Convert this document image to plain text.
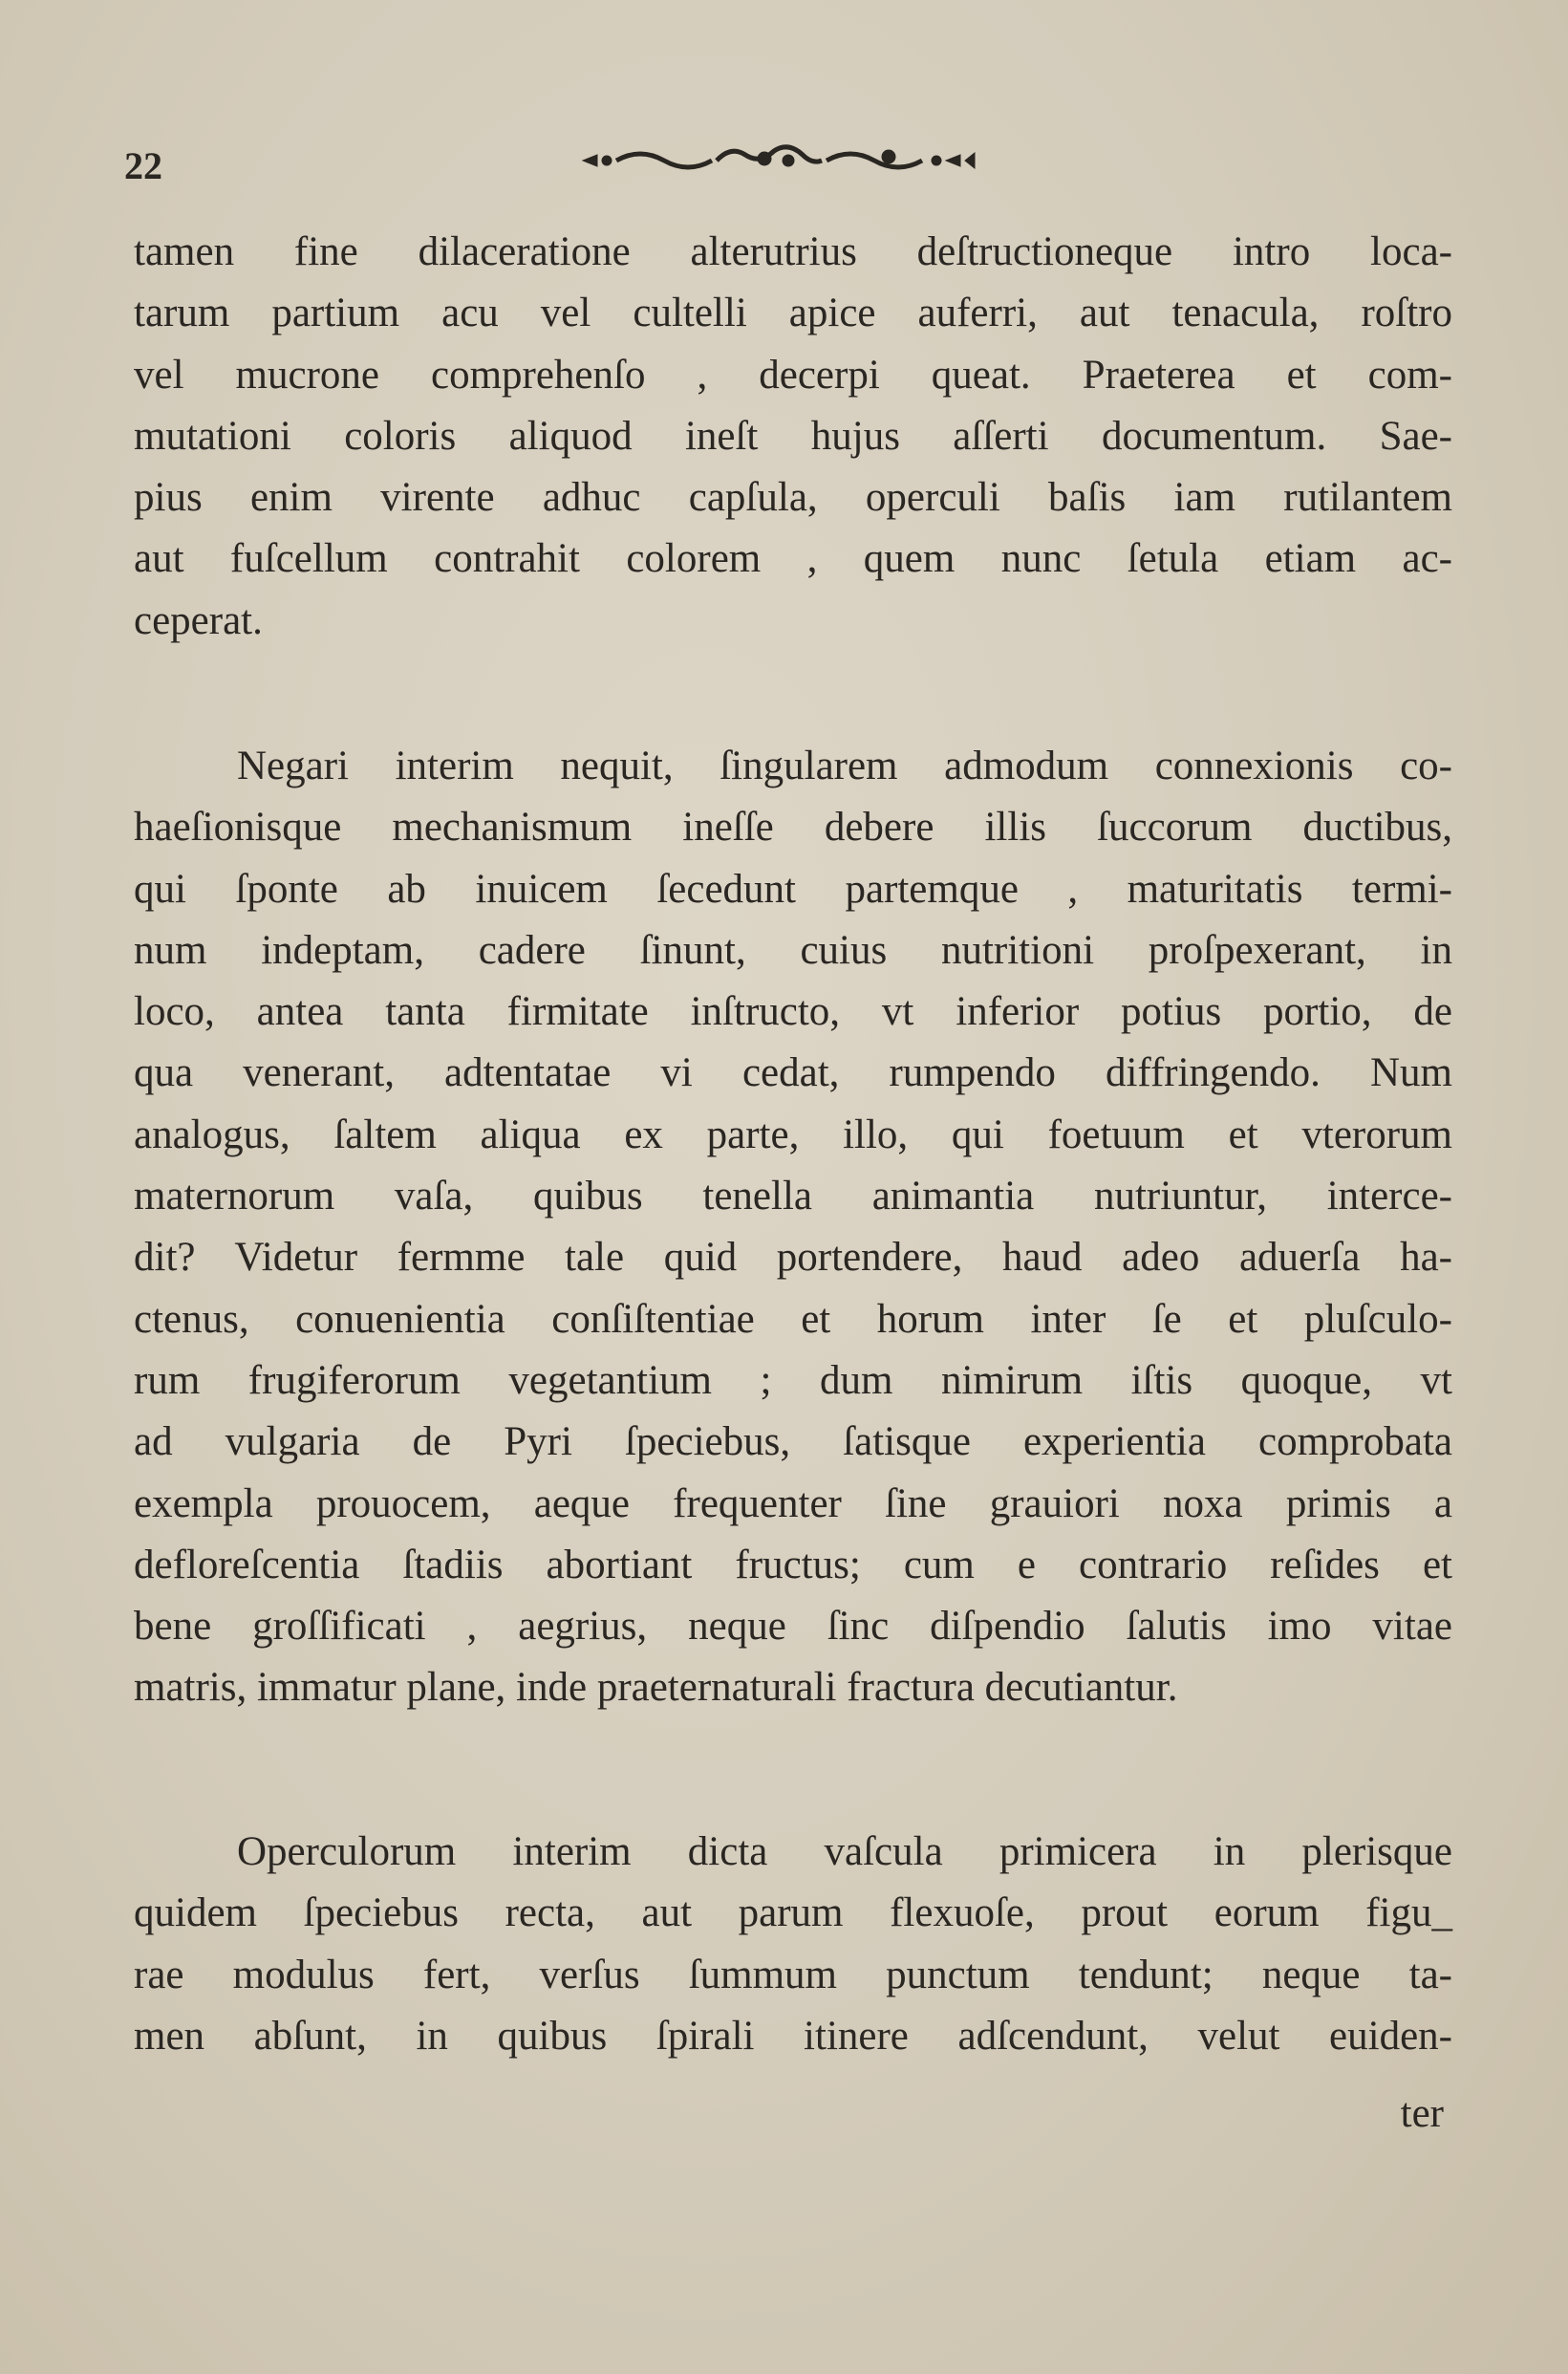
22
tamen fine dilaceratione alterutrius deſtructioneque intro loca-
tarum partium acu vel cultelli apice auferri, aut tenacula, roſtro
vel mucrone comprehenſo , decerpi queat. Praeterea et com-
mutationi coloris aliquod ineſt hujus aſſerti documentum. Sae-
pius enim virente adhuc capſula, operculi baſis iam rutilantem
aut fuſcellum contrahit colorem , quem nunc ſetula etiam ac-
ceperat.
Negari interim nequit, ſingularem admodum connexionis co-
haeſionisque mechanismum ineſſe debere illis ſuccorum ductibus,
qui ſponte ab inuicem ſecedunt partemque , maturitatis termi-
num indeptam, cadere ſinunt, cuius nutritioni proſpexerant, in
loco, antea tanta firmitate inſtructo, vt inferior potius portio, de
qua venerant, adtentatae vi cedat, rumpendo diffringendo. Num
analogus, ſaltem aliqua ex parte, illo, qui foetuum et vterorum
maternorum vaſa, quibus tenella animantia nutriuntur, interce-
dit? Videtur fermme tale quid portendere, haud adeo aduerſa ha-
ctenus, conuenientia conſiſtentiae et horum inter ſe et pluſculo-
rum frugiferorum vegetantium ; dum nimirum iſtis quoque, vt
ad vulgaria de Pyri ſpeciebus, ſatisque experientia comprobata
exempla prouocem, aeque frequenter ſine grauiori noxa primis a
defloreſcentia ſtadiis abortiant fructus; cum e contrario reſides et
bene groſſificati , aegrius, neque ſinc diſpendio ſalutis imo vitae
matris, immatur plane, inde praeternaturali fractura decutiantur.
Operculorum interim dicta vaſcula primicera in plerisque
quidem ſpeciebus recta, aut parum flexuoſe, prout eorum figu_
rae modulus fert, verſus ſummum punctum tendunt; neque ta-
men abſunt, in quibus ſpirali itinere adſcendunt, velut euiden-
ter
